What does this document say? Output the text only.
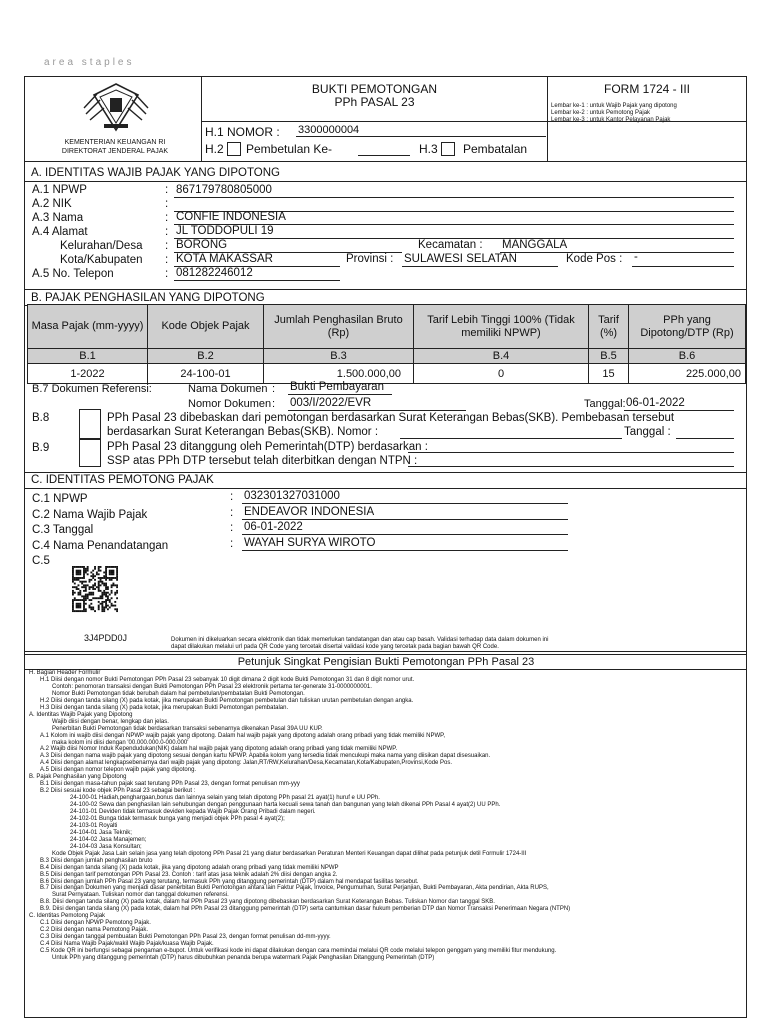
area staples
KEMENTERIAN KEUANGAN RI
DIREKTORAT JENDERAL PAJAK
BUKTI PEMOTONGAN
PPh PASAL 23
FORM 1724 - III
Lembar ke-1 : untuk Wajib Pajak yang dipotong
Lembar ke-2 : untuk Pemotong Pajak
Lembar ke-3 : untuk Kantor Pelayanan Pajak
H.1 NOMOR : 3300000004
H.2 Pembetulan Ke-	H.3 Pembatalan
A. IDENTITAS WAJIB PAJAK YANG DIPOTONG
A.1 NPWP	: 867179780805000
A.2 NIK	:
A.3 Nama	: CONFIE INDONESIA
A.4 Alamat	: JL TODDOPULI 19
Kelurahan/Desa : BORONG	Kecamatan : MANGGALA
Kota/Kabupaten : KOTA MAKASSAR	Provinsi : SULAWESI SELATAN	Kode Pos : -
A.5 No. Telepon	: 081282246012
B. PAJAK PENGHASILAN YANG DIPOTONG
Masa Pajak (mm-yyyy)	Kode Objek Pajak	Jumlah Penghasilan Bruto (Rp)	Tarif Lebih Tinggi 100% (Tidak memiliki NPWP)	Tarif (%)	PPh yang Dipotong/DTP (Rp)
B.1	B.2	B.3	B.4	B.5	B.6
1-2022	24-100-01	1.500.000,00	0	15	225.000,00
B.7 Dokumen Referensi:	Nama Dokumen : Bukti Pembayaran
Nomor Dokumen : 003/I/2022/EVR	Tanggal: 06-01-2022
B.8	PPh Pasal 23 dibebaskan dari pemotongan berdasarkan Surat Keterangan Bebas(SKB). Pembebasan tersebut
berdasarkan Surat Keterangan Bebas(SKB). Nomor :	Tanggal :
B.9	PPh Pasal 23 ditanggung oleh Pemerintah(DTP) berdasarkan :
SSP atas PPh DTP tersebut telah diterbitkan dengan NTPN :
C. IDENTITAS PEMOTONG PAJAK
C.1 NPWP	: 032301327031000
C.2 Nama Wajib Pajak	: ENDEAVOR INDONESIA
C.3 Tanggal	: 06-01-2022
C.4 Nama Penandatangan	: WAYAH SURYA WIROTO
C.5
3J4PDD0J	Dokumen ini dikeluarkan secara elektronik dan tidak memerlukan tandatangan dan atau cap basah. Validasi terhadap data dalam dokumen ini
dapat dilakukan melalui url pada QR Code yang tercetak disertai validasi kode yang tercetak pada bagian bawah QR Code.
Petunjuk Singkat Pengisian Bukti Pemotongan PPh Pasal 23
H. Bagian Header Formulir
H.1 Diisi dengan nomor Bukti Pemotongan PPh Pasal 23 sebanyak 10 digit dimana 2 digit kode Bukti Pemotongan 31 dan 8 digit nomor urut.
Contoh: penomoran transaksi dengan Bukti Pemotongan PPh Pasal 23 elektronik pertama ter-generate 31-0000000001.
Nomor Bukti Pemotongan tidak berubah dalam hal pembetulan/pembatalan Bukti Pemotongan.
H.2 Diisi dengan tanda silang (X) pada kotak, jika merupakan Bukti Pemotongan pembetulan dan tuliskan urutan pembetulan dengan angka.
H.3 Diisi dengan tanda silang (X) pada kotak, jika merupakan Bukti Pemotongan pembatalan.
A. Identitas Wajib Pajak yang Dipotong
Wajib diisi dengan benar, lengkap dan jelas.
Penerbitan Bukti Pemotongan tidak berdasarkan transaksi sebenarnya dikenakan Pasal 39A UU KUP.
A.1 Kolom ini wajib diisi dengan NPWP wajib pajak yang dipotong. Dalam hal wajib pajak yang dipotong adalah orang pribadi yang tidak memiliki NPWP,
maka kolom ini diisi dengan '00.000.000.0-000.000'
A.2 Wajib diisi Nomor Induk Kependudukan(NIK) dalam hal wajib pajak yang dipotong adalah orang pribadi yang tidak memiliki NPWP.
A.3 Diisi dengan nama wajib pajak yang dipotong sesuai dengan kartu NPWP. Apabila kolom yang tersedia tidak mencukupi maka nama yang diisikan dapat disesuaikan.
A.4 Diisi dengan alamat lengkapsebenarnya dari wajib pajak yang dipotong: Jalan,RT/RW,Kelurahan/Desa,Kecamatan,Kota/Kabupaten,Provinsi,Kode Pos.
A.5 Diisi dengan nomor telepon wajib pajak yang dipotong.
B. Pajak Penghasilan yang Dipotong
B.1 Diisi dengan masa-tahun pajak saat terutang PPh Pasal 23, dengan format penulisan mm-yyy
B.2 Diisi sesuai kode objek PPh Pasal 23 sebagai berikut :
24-100-01 Hadiah,penghargaan,bonus dan lainnya selain yang telah dipotong PPh pasal 21 ayat(1) huruf e UU PPh.
24-100-02 Sewa dan penghasilan lain sehubungan dengan penggunaan harta kecuali sewa tanah dan bangunan yang telah dikenai PPh Pasal 4 ayat(2) UU PPh.
24-101-01 Deviden tidak termasuk deviden kepada Wajib Pajak Orang Pribadi dalam negeri.
24-102-01 Bunga tidak termasuk bunga yang menjadi objek PPh pasal 4 ayat(2);
24-103-01 Royalti
24-104-01 Jasa Teknik;
24-104-02 Jasa Manajemen;
24-104-03 Jasa Konsultan;
Kode Objek Pajak Jasa Lain selain jasa yang telah dipotong PPh Pasal 21 yang diatur berdasarkan Peraturan Menteri Keuangan dapat dilihat pada petunjuk detil Formulir 1724-III
B.3 Diisi dengan jumlah penghasilan bruto
B.4 Diisi dengan tanda silang (X) pada kotak, jika yang dipotong adalah orang pribadi yang tidak memiliki NPWP
B.5 Diisi dengan tarif pemotongan PPh Pasal 23. Contoh : tarif atas jasa teknik adalah 2% diisi dengan angka 2.
B.6 Diisi dengan jumlah PPh Pasal 23 yang terutang, termasuk PPh yang ditanggung pemerintah (DTP) dalam hal mendapat fasilitas tersebut.
B.7 Diisi dengan Dokumen yang menjadi dasar penerbitan Bukti Pemotongan antara lain Faktur Pajak, Invoice, Pengumuman, Surat Perjanjian, Bukti Pembayaran, Akta pendirian, Akta RUPS,
Surat Pernyataan. Tuliskan nomor dan tanggal dokumen referensi.
B.8. Diisi dengan tanda silang (X) pada kotak, dalam hal PPh Pasal 23 yang dipotong dibebaskan berdasarkan Surat Keterangan Bebas. Tuliskan Nomor dan tanggal SKB.
B.9. Diisi dengan tanda silang (X) pada kotak, dalam hal PPh Pasal 23 ditanggung pemerintah (DTP) serta cantumkan dasar hukum pemberian DTP dan Nomor Transaksi Penerimaan Negara (NTPN)
C. Identitas Pemotong Pajak
C.1 Diisi dengan NPWP Pemotong Pajak.
C.2 Diisi dengan nama Pemotong Pajak.
C.3 Diisi dengan tanggal pembuatan Bukti Pemotongan PPh Pasal 23, dengan format penulisan dd-mm-yyyy.
C.4 Diisi Nama Wajib Pajak/wakil Wajib Pajak/kuasa Wajib Pajak.
C.5 Kode QR ini berfungsi sebagai pengaman e-bupot. Untuk verifikasi kode ini dapat dilakukan dengan cara memindai melalui QR code melalui telepon genggam yang memiliki fitur mendukung.
Untuk PPh yang ditanggung pemerintah (DTP) harus dibubuhkan penanda berupa watermark Pajak Penghasilan Ditanggung Pemerintah (DTP)
